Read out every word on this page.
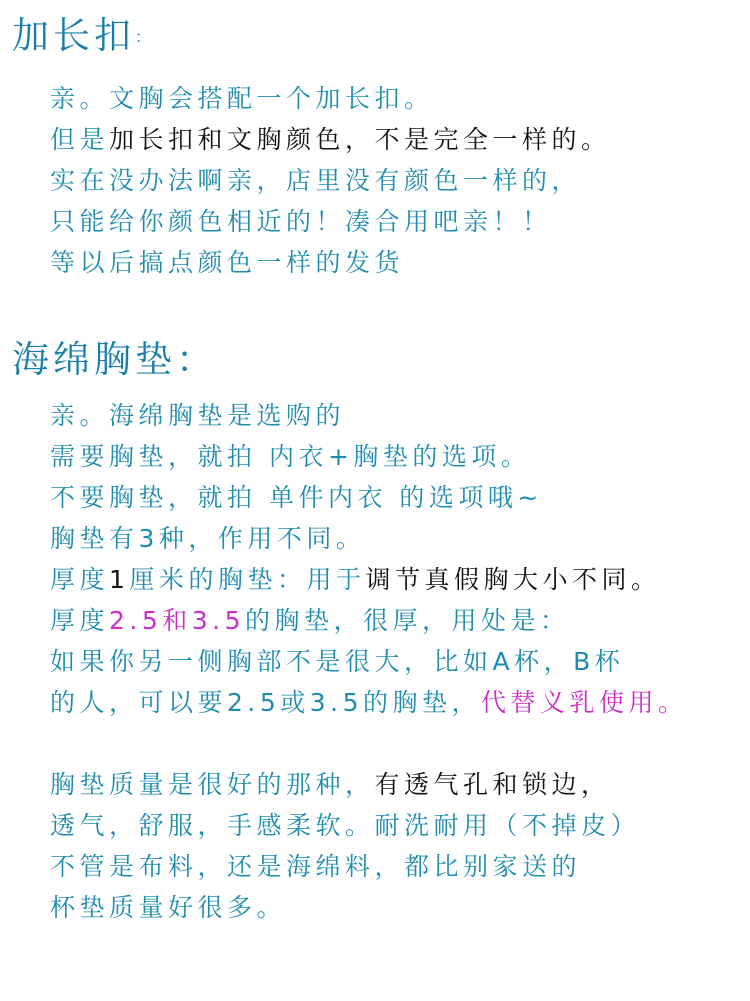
加长扣：
亲。文胸会搭配一个加长扣。
但是加长扣和文胸颜色，不是完全一样的。
实在没办法啊亲，店里没有颜色一样的，
只能给你颜色相近的！凑合用吧亲！！
等以后搞点颜色一样的发货
海绵胸垫：
亲。海绵胸垫是选购的
需要胸垫，就拍 内衣+胸垫的选项。
不要胸垫，就拍 单件内衣 的选项哦~
胸垫有3种，作用不同。
厚度1厘米的胸垫：用于调节真假胸大小不同。
厚度2.5和3.5的胸垫，很厚，用处是：
如果你另一侧胸部不是很大，比如A杯，B杯
的人，可以要2.5或3.5的胸垫，代替义乳使用。
胸垫质量是很好的那种，有透气孔和锁边，
透气，舒服，手感柔软。耐洗耐用（不掉皮）
不管是布料，还是海绵料，都比别家送的
杯垫质量好很多。
